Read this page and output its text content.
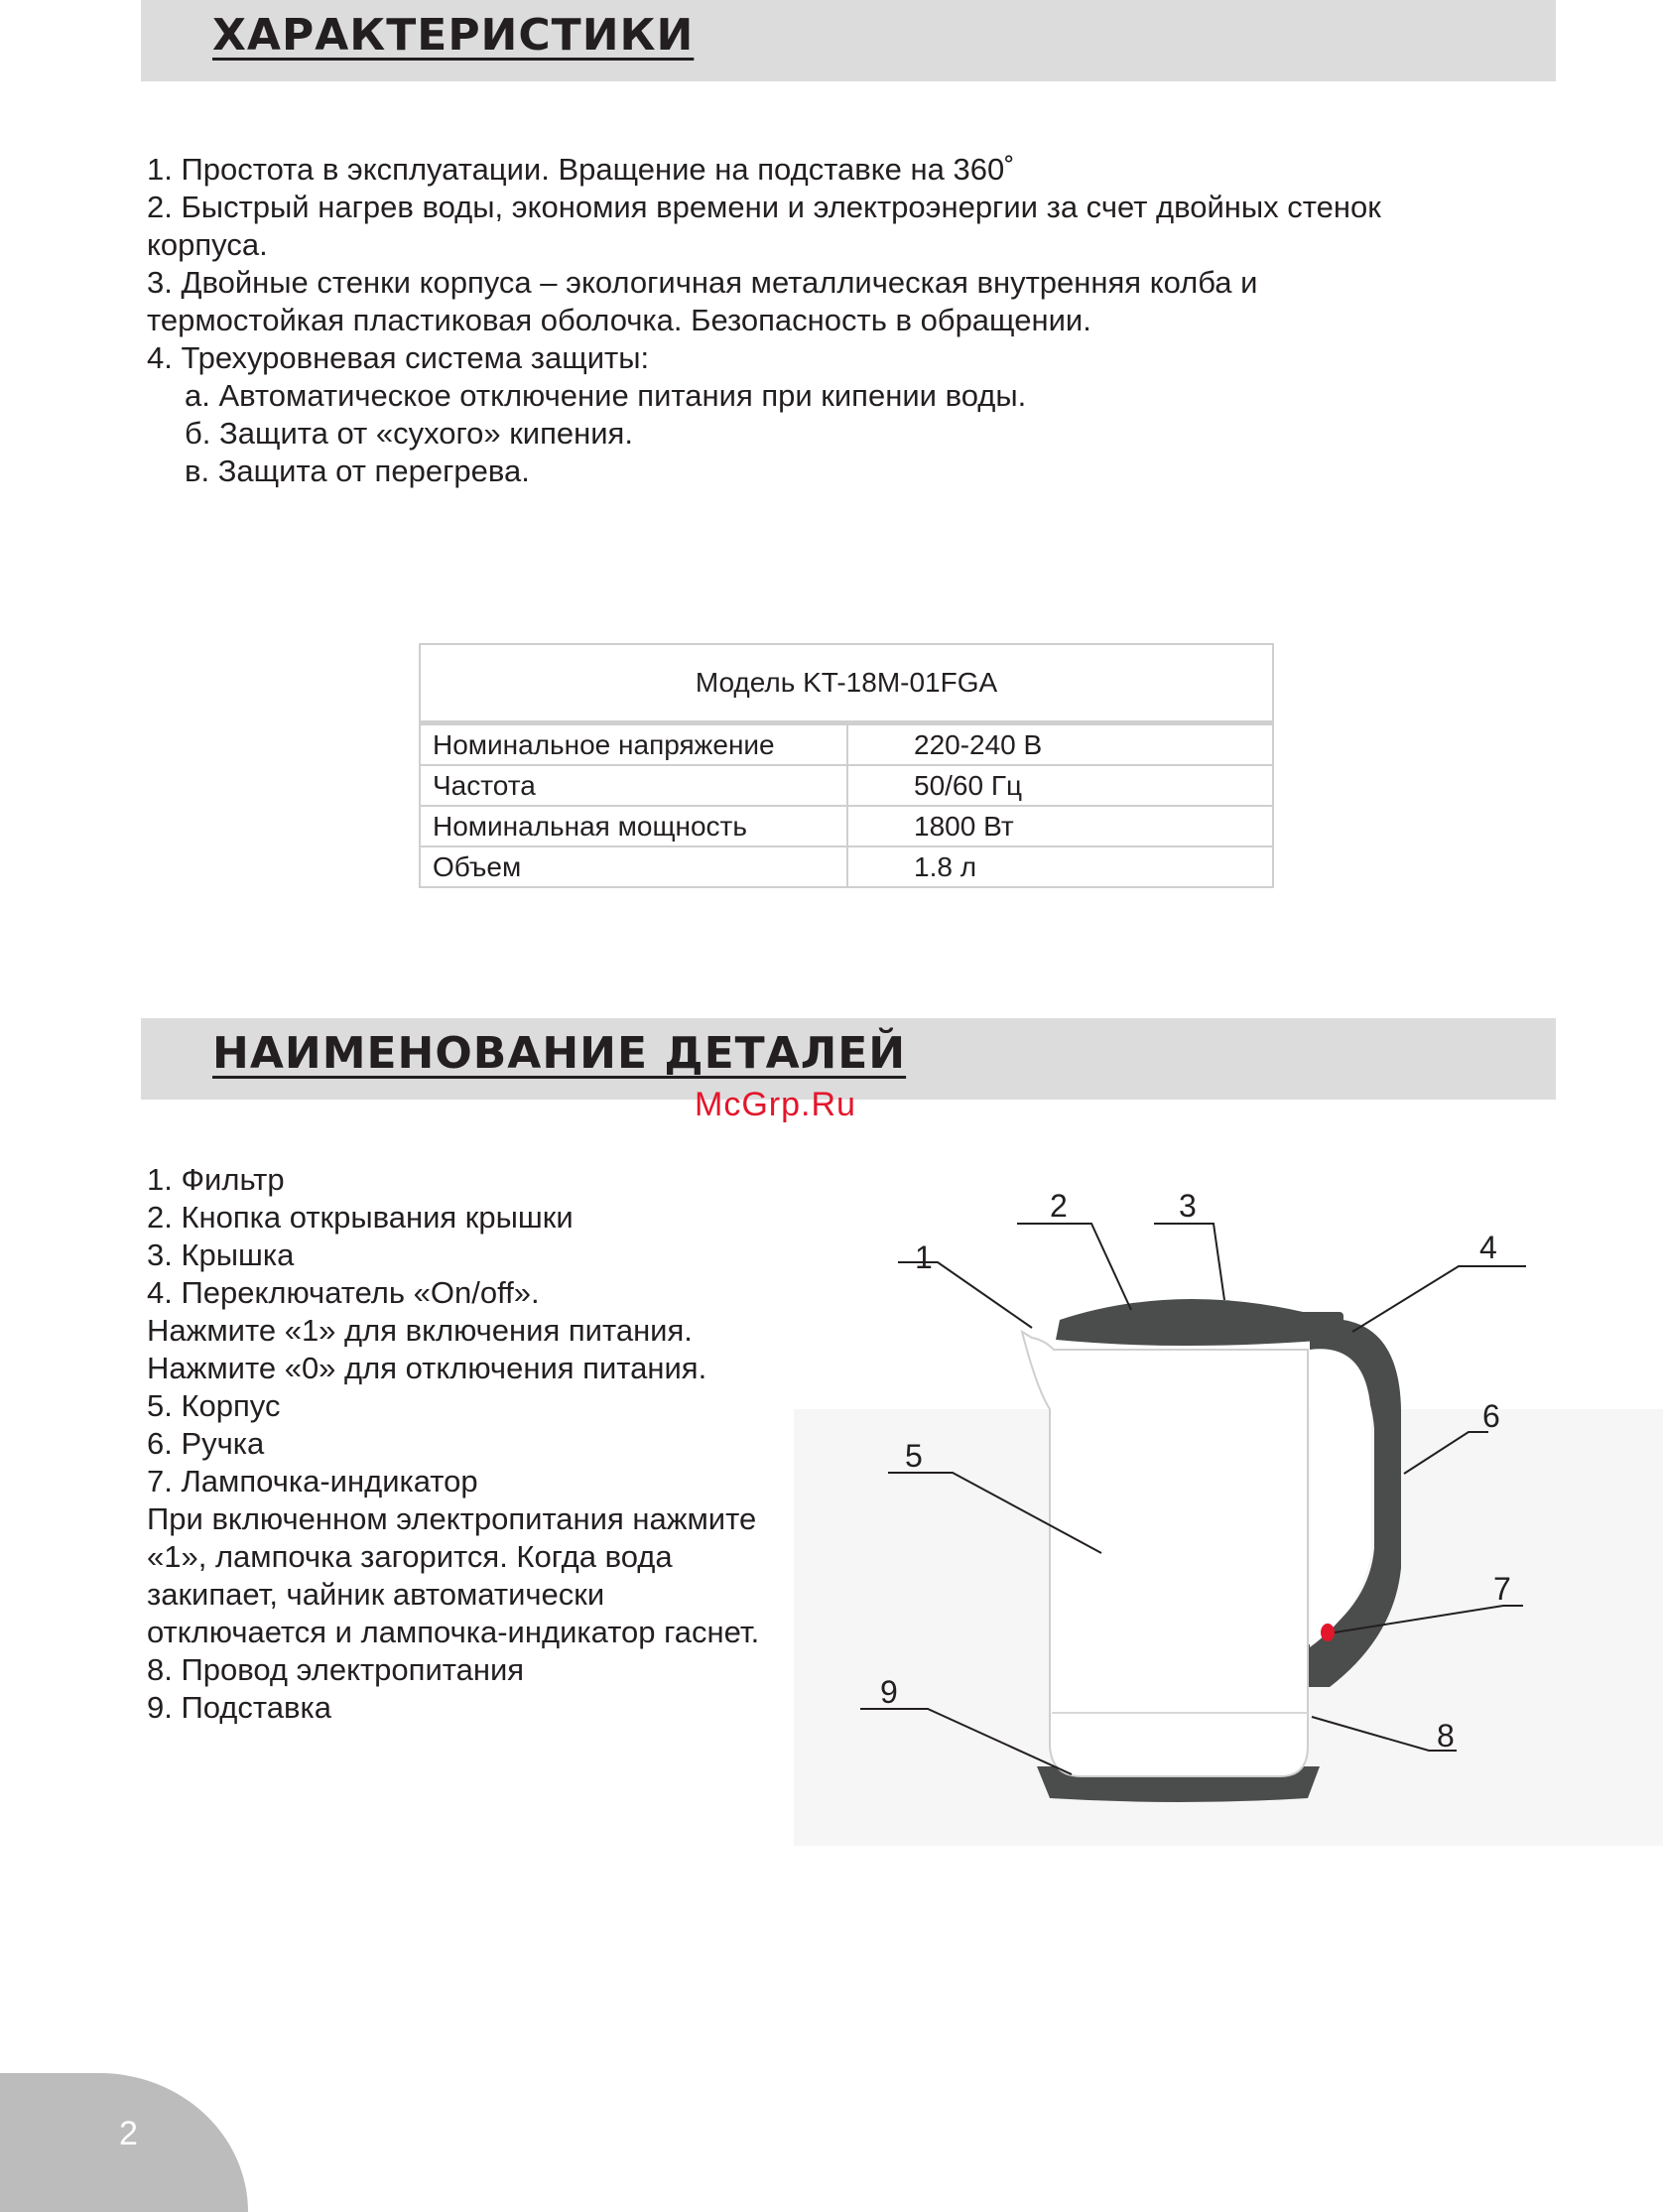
ХАРАКТЕРИСТИКИ
1. Простота в эксплуатации. Вращение на подставке на 360˚
2. Быстрый нагрев воды, экономия времени и электроэнергии за счет двойных стенок
корпуса.
3. Двойные стенки корпуса – экологичная металлическая внутренняя колба и
термостойкая пластиковая оболочка. Безопасность в обращении.
4. Трехуровневая система защиты:
а. Автоматическое отключение питания при кипении воды.
б. Защита от «сухого» кипения.
в. Защита от перегрева.
Модель KT-18M-01FGA	
Номинальное напряжение	220-240 В
Частота	50/60 Гц
Номинальная мощность	1800 Вт
Объем	1.8 л
НАИМЕНОВАНИЕ ДЕТАЛЕЙ
McGrp.Ru
1. Фильтр
2. Кнопка открывания крышки
3. Крышка
4. Переключатель «On/off».
Нажмите «1» для включения питания.
Нажмите «0» для отключения питания.
5. Корпус
6. Ручка
7. Лампочка-индикатор
При включенном электропитания нажмите
«1», лампочка загорится. Когда вода
закипает, чайник автоматически
отключается и лампочка-индикатор гаснет.
8. Провод электропитания
9. Подставка
1
2	3
4
6
5
7
8
9
2
